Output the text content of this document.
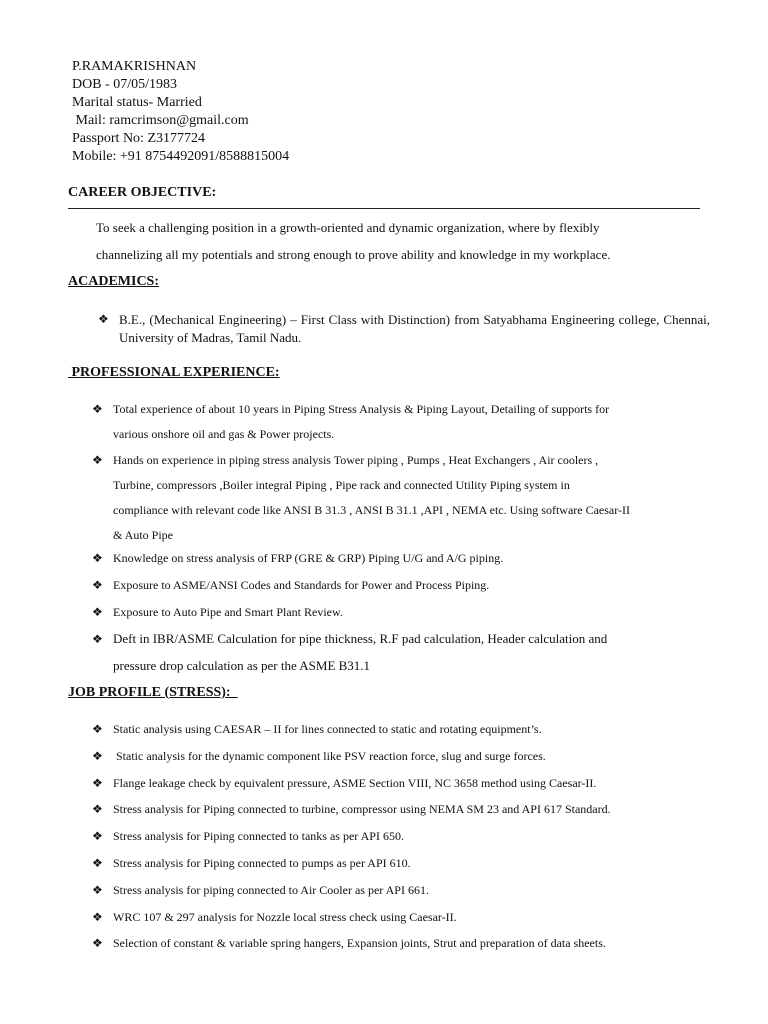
P.RAMAKRISHNAN
DOB - 07/05/1983
Marital status- Married
Mail: ramcrimson@gmail.com
Passport No: Z3177724
Mobile: +91 8754492091/8588815004
CAREER OBJECTIVE:
To seek a challenging position in a growth-oriented and dynamic organization, where by flexibly
channelizing all my potentials and strong enough to prove ability and knowledge in my workplace.
ACADEMICS:
❖ B.E., (Mechanical Engineering) – First Class with Distinction) from Satyabhama Engineering college, Chennai, University of Madras, Tamil Nadu.
PROFESSIONAL EXPERIENCE:
JOB PROFILE (STRESS):
❖ Total experience of about 10 years in Piping Stress Analysis & Piping Layout, Detailing of supports for
various onshore oil and gas & Power projects.
❖ Hands on experience in piping stress analysis Tower piping , Pumps , Heat Exchangers , Air coolers ,
Turbine, compressors ,Boiler integral Piping , Pipe rack and connected Utility Piping system in
compliance with relevant code like ANSI B 31.3 , ANSI B 31.1 ,API , NEMA etc. Using software Caesar-II
& Auto Pipe
❖ Knowledge on stress analysis of FRP (GRE & GRP) Piping U/G and A/G piping.
❖ Exposure to ASME/ANSI Codes and Standards for Power and Process Piping.
❖ Exposure to Auto Pipe and Smart Plant Review.
❖ Deft in IBR/ASME Calculation for pipe thickness, R.F pad calculation, Header calculation and
pressure drop calculation as per the ASME B31.1
❖ Static analysis using CAESAR – II for lines connected to static and rotating equipment’s.
❖ Static analysis for the dynamic component like PSV reaction force, slug and surge forces.
❖ Flange leakage check by equivalent pressure, ASME Section VIII, NC 3658 method using Caesar-II.
❖ Stress analysis for Piping connected to turbine, compressor using NEMA SM 23 and API 617 Standard.
❖ Stress analysis for Piping connected to tanks as per API 650.
❖ Stress analysis for Piping connected to pumps as per API 610.
❖ Stress analysis for piping connected to Air Cooler as per API 661.
❖ WRC 107 & 297 analysis for Nozzle local stress check using Caesar-II.
❖ Selection of constant & variable spring hangers, Expansion joints, Strut and preparation of data sheets.
